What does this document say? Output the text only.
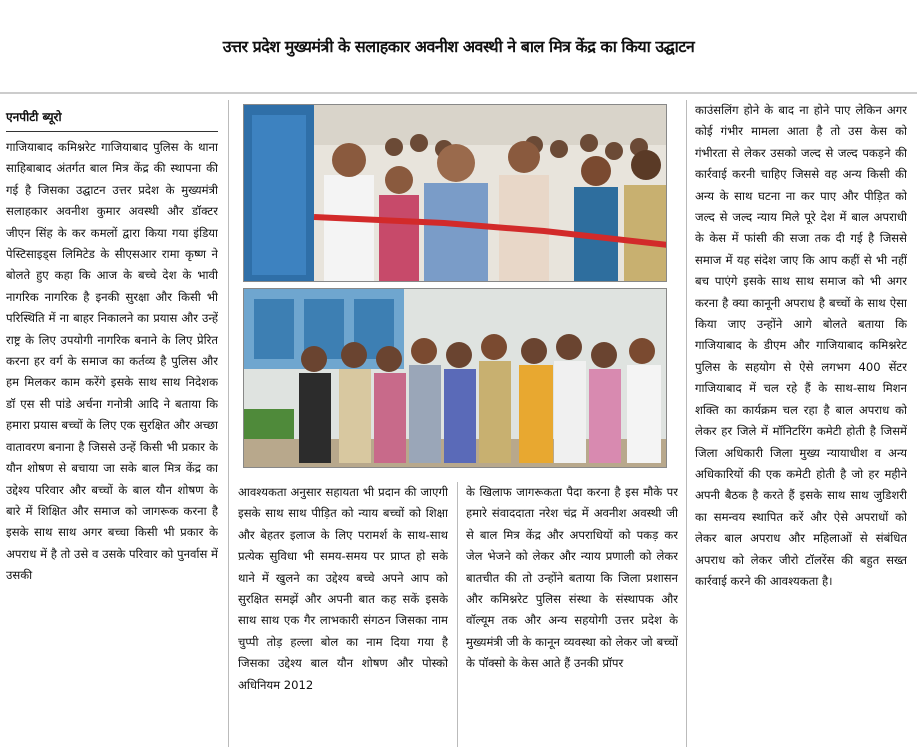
उत्तर प्रदेश मुख्यमंत्री के सलाहकार अवनीश अवस्थी ने बाल मित्र केंद्र का किया उद्घाटन
एनपीटी ब्यूरो
गाजियाबाद कमिश्नरेट गाजियाबाद पुलिस के थाना साहिबाबाद अंतर्गत बाल मित्र केंद्र की स्थापना की गई है जिसका उद्घाटन उत्तर प्रदेश के मुख्यमंत्री सलाहकार अवनीश कुमार अवस्थी और डॉक्टर जीएन सिंह के कर कमलों द्वारा किया गया इंडिया पेस्टिसाइड्स लिमिटेड के सीएसआर रामा कृष्ण ने बोलते हुए कहा कि आज के बच्चे देश के भावी नागरिक नागरिक है इनकी सुरक्षा और किसी भी परिस्थिति में ना बाहर निकालने का प्रयास और उन्हें राष्ट्र के लिए उपयोगी नागरिक बनाने के लिए प्रेरित करना हर वर्ग के समाज का कर्तव्य है पुलिस और हम मिलकर काम करेंगे इसके साथ साथ निदेशक डॉ एस सी पांडे अर्चना गनोत्री आदि ने बताया कि हमारा प्रयास बच्चों के लिए एक सुरक्षित और अच्छा वातावरण बनाना है जिससे उन्हें किसी भी प्रकार के यौन शोषण से बचाया जा सके बाल मित्र केंद्र का उद्देश्य परिवार और बच्चों के बाल यौन शोषण के बारे में शिक्षित और समाज को जागरूक करना है इसके साथ साथ अगर बच्चा किसी भी प्रकार के अपराध में है तो उसे व उसके परिवार को पुनर्वास में उसकी
आवश्यकता अनुसार सहायता भी प्रदान की जाएगी इसके साथ साथ पीड़ित को न्याय बच्चों को शिक्षा और बेहतर इलाज के लिए परामर्श के साथ-साथ प्रत्येक सुविधा भी समय-समय पर प्राप्त हो सके थाने में खुलने का उद्देश्य बच्चे अपने आप को सुरक्षित समझें और अपनी बात कह सकें इसके साथ साथ एक गैर लाभकारी संगठन जिसका नाम चुप्पी तोड़ हल्ला बोल का नाम दिया गया है जिसका उद्देश्य बाल यौन शोषण और पोस्को अधिनियम 2012
के खिलाफ जागरूकता पैदा करना है इस मौके पर हमारे संवाददाता नरेश चंद्र में अवनीश अवस्थी जी से बाल मित्र केंद्र और अपराधियों को पकड़ कर जेल भेजने को लेकर और न्याय प्रणाली को लेकर बातचीत की तो उन्होंने बताया कि जिला प्रशासन और कमिश्नरेट पुलिस संस्था के संस्थापक और वॉल्यूम तक और अन्य सहयोगी उत्तर प्रदेश के मुख्यमंत्री जी के कानून व्यवस्था को लेकर जो बच्चों के पॉक्सो के केस आते हैं उनकी प्रॉपर
काउंसलिंग होने के बाद ना होने पाए लेकिन अगर कोई गंभीर मामला आता है तो उस केस को गंभीरता से लेकर उसको जल्द से जल्द पकड़ने की कार्रवाई करनी चाहिए जिससे वह अन्य किसी की अन्य के साथ घटना ना कर पाए और पीड़ित को जल्द से जल्द न्याय मिले पूरे देश में बाल अपराधी के केस में फांसी की सजा तक दी गई है जिससे समाज में यह संदेश जाए कि आप कहीं से भी नहीं बच पाएंगे इसके साथ साथ समाज को भी अगर करना है क्या कानूनी अपराध है बच्चों के साथ ऐसा किया जाए उन्होंने आगे बोलते बताया कि गाजियाबाद के डीएम और गाजियाबाद कमिश्नरेट पुलिस के सहयोग से ऐसे लगभग 400 सेंटर गाजियाबाद में चल रहे हैं के साथ-साथ मिशन शक्ति का कार्यक्रम चल रहा है बाल अपराध को लेकर हर जिले में मॉनिटरिंग कमेटी होती है जिसमें जिला अधिकारी जिला मुख्य न्यायाधीश व अन्य अधिकारियों की एक कमेटी होती है जो हर महीने अपनी बैठक है करते हैं इसके साथ साथ जुडिशरी का समन्वय स्थापित करें और ऐसे अपराधों को लेकर बाल अपराध और महिलाओं से संबंधित अपराध को लेकर जीरो टॉलरेंस की बहुत सख्त कार्रवाई करने की आवश्यकता है।
